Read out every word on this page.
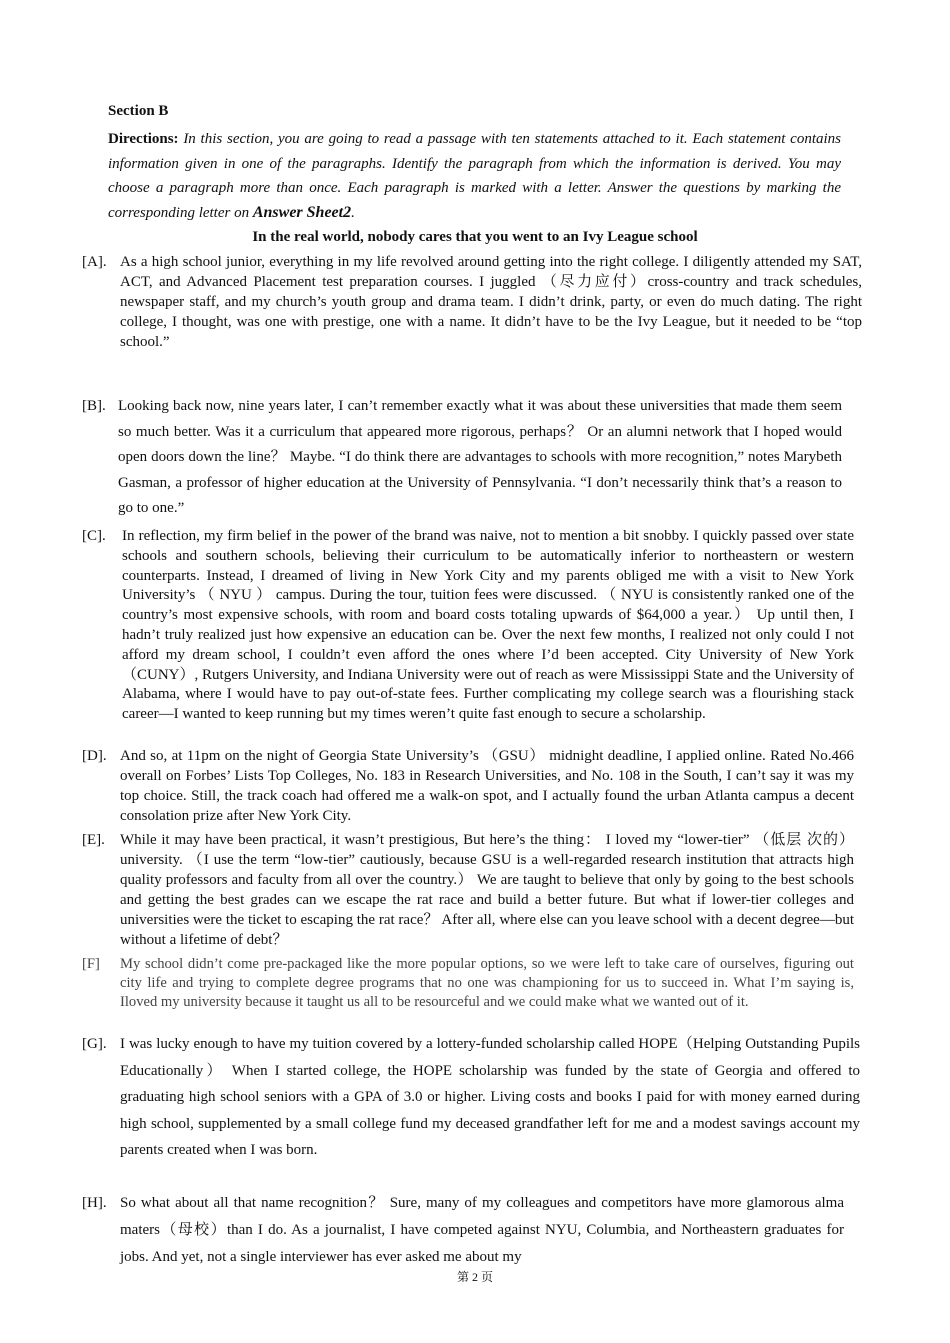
Section B
Directions: In this section, you are going to read a passage with ten statements attached to it. Each statement contains information given in one of the paragraphs. Identify the paragraph from which the information is derived. You may choose a paragraph more than once. Each paragraph is marked with a letter. Answer the questions by marking the corresponding letter on Answer Sheet2.
In the real world, nobody cares that you went to an Ivy League school
[A]. As a high school junior, everything in my life revolved around getting into the right college. I diligently attended my SAT, ACT, and Advanced Placement test preparation courses. I juggled （尽力应付）cross-country and track schedules, newspaper staff, and my church’s youth group and drama team. I didn’t drink, party, or even do much dating. The right college, I thought, was one with prestige, one with a name. It didn’t have to be the Ivy League, but it needed to be “top school.”
[B]. Looking back now, nine years later, I can’t remember exactly what it was about these universities that made them seem so much better. Was it a curriculum that appeared more rigorous, perhaps？ Or an alumni network that I hoped would open doors down the line？ Maybe. “I do think there are advantages to schools with more recognition,” notes Marybeth Gasman, a professor of higher education at the University of Pennsylvania. “I don’t necessarily think that’s a reason to go to one.”
[C]. In reflection, my firm belief in the power of the brand was naive, not to mention a bit snobby. I quickly passed over state schools and southern schools, believing their curriculum to be automatically inferior to northeastern or western counterparts. Instead, I dreamed of living in New York City and my parents obliged me with a visit to New York University’s （ NYU ） campus. During the tour, tuition fees were discussed. （ NYU is consistently ranked one of the country’s most expensive schools, with room and board costs totaling upwards of $64,000 a year.） Up until then, I hadn’t truly realized just how expensive an education can be. Over the next few months, I realized not only could I not afford my dream school, I couldn’t even afford the ones where I’d been accepted. City University of New York （CUNY）, Rutgers University, and Indiana University were out of reach as were Mississippi State and the University of Alabama, where I would have to pay out-of-state fees. Further complicating my college search was a flourishing stack career—I wanted to keep running but my times weren’t quite fast enough to secure a scholarship.
[D]. And so, at 11pm on the night of Georgia State University’s （GSU） midnight deadline, I applied online. Rated No.466 overall on Forbes’ Lists Top Colleges, No. 183 in Research Universities, and No. 108 in the South, I can’t say it was my top choice. Still, the track coach had offered me a walk-on spot, and I actually found the urban Atlanta campus a decent consolation prize after New York City.
[E]. While it may have been practical, it wasn’t prestigious, But here’s the thing： I loved my “lower-tier” （低层 次的） university. （I use the term “low-tier” cautiously, because GSU is a well-regarded research institution that attracts high quality professors and faculty from all over the country.） We are taught to believe that only by going to the best schools and getting the best grades can we escape the rat race and build a better future. But what if lower-tier colleges and universities were the ticket to escaping the rat race？ After all, where else can you leave school with a decent degree—but without a lifetime of debt？
[F] My school didn’t come pre-packaged like the more popular options, so we were left to take care of ourselves, figuring out city life and trying to complete degree programs that no one was championing for us to succeed in. What I’m saying is, Iloved my university because it taught us all to be resourceful and we could make what we wanted out of it.
[G]. I was lucky enough to have my tuition covered by a lottery-funded scholarship called HOPE（Helping Outstanding Pupils Educationally） When I started college, the HOPE scholarship was funded by the state of Georgia and offered to graduating high school seniors with a GPA of 3.0 or higher. Living costs and books I paid for with money earned during high school, supplemented by a small college fund my deceased grandfather left for me and a modest savings account my parents created when I was born.
[H]. So what about all that name recognition？ Sure, many of my colleagues and competitors have more glamorous alma maters（母校）than I do. As a journalist, I have competed against NYU, Columbia, and Northeastern graduates for jobs. And yet, not a single interviewer has ever asked me about my
第 2 页
